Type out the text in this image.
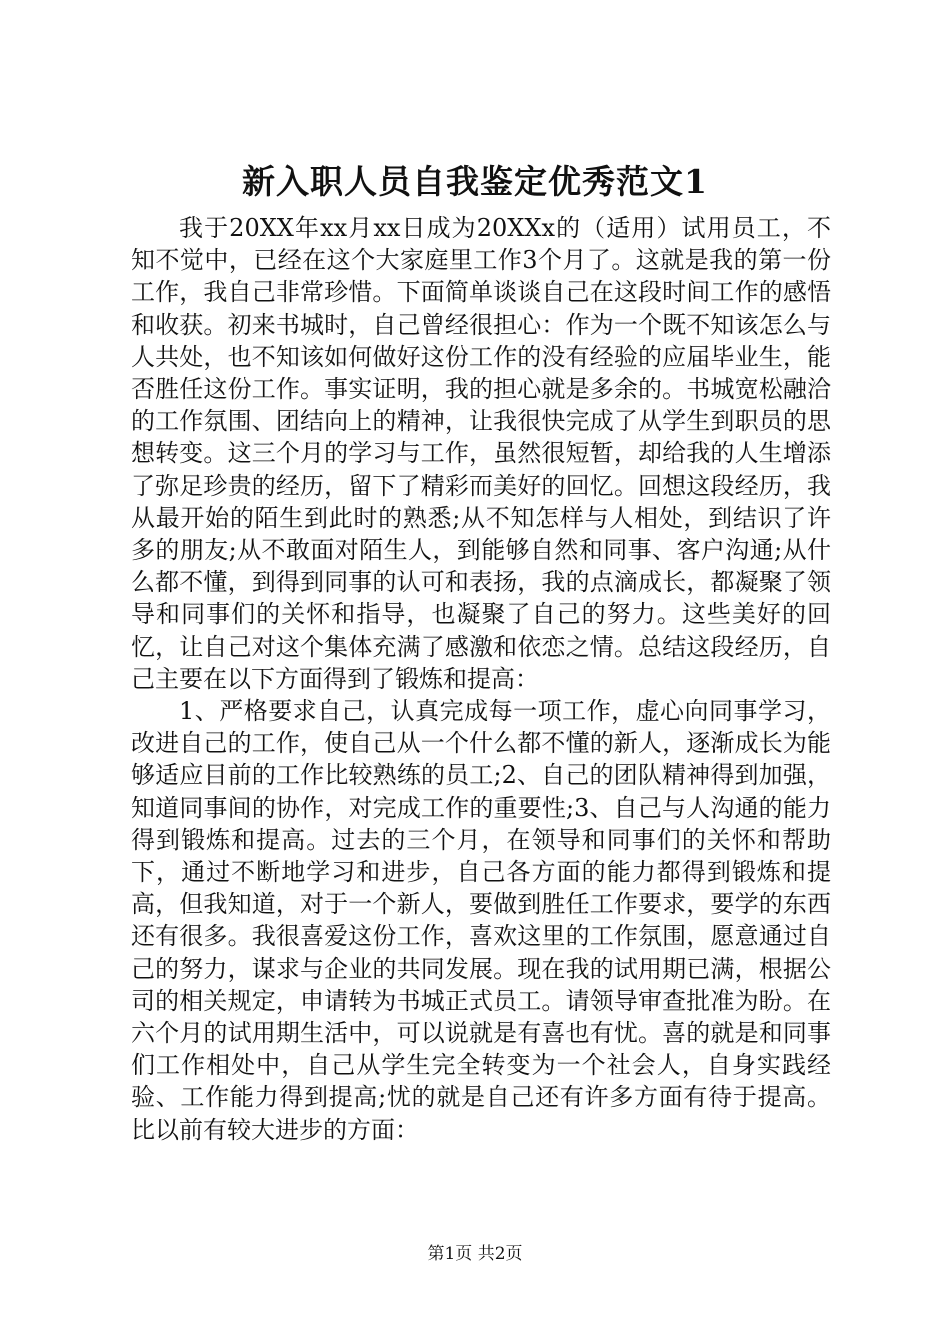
新入职人员自我鉴定优秀范文1

我于20XX年xx月xx日成为20XXx的（适用）试用员工，不知不觉中，已经在这个大家庭里工作3个月了。这就是我的第一份工作，我自己非常珍惜。下面简单谈谈自己在这段时间工作的感悟和收获。初来书城时，自己曾经很担心：作为一个既不知该怎么与人共处，也不知该如何做好这份工作的没有经验的应届毕业生，能否胜任这份工作。事实证明，我的担心就是多余的。书城宽松融洽的工作氛围、团结向上的精神，让我很快完成了从学生到职员的思想转变。这三个月的学习与工作，虽然很短暂，却给我的人生增添了弥足珍贵的经历，留下了精彩而美好的回忆。回想这段经历，我从最开始的陌生到此时的熟悉;从不知怎样与人相处，到结识了许多的朋友;从不敢面对陌生人，到能够自然和同事、客户沟通;从什么都不懂，到得到同事的认可和表扬，我的点滴成长，都凝聚了领导和同事们的关怀和指导，也凝聚了自己的努力。这些美好的回忆，让自己对这个集体充满了感激和依恋之情。总结这段经历，自己主要在以下方面得到了锻炼和提高：

1、严格要求自己，认真完成每一项工作，虚心向同事学习，改进自己的工作，使自己从一个什么都不懂的新人，逐渐成长为能够适应目前的工作比较熟练的员工;2、自己的团队精神得到加强，知道同事间的协作，对完成工作的重要性;3、自己与人沟通的能力得到锻炼和提高。过去的三个月，在领导和同事们的关怀和帮助下，通过不断地学习和进步，自己各方面的能力都得到锻炼和提高，但我知道，对于一个新人，要做到胜任工作要求，要学的东西还有很多。我很喜爱这份工作，喜欢这里的工作氛围，愿意通过自己的努力，谋求与企业的共同发展。现在我的试用期已满，根据公司的相关规定，申请转为书城正式员工。请领导审查批准为盼。在六个月的试用期生活中，可以说就是有喜也有忧。喜的就是和同事们工作相处中，自己从学生完全转变为一个社会人，自身实践经验、工作能力得到提高;忧的就是自己还有许多方面有待于提高。比以前有较大进步的方面：

第1页 共2页
